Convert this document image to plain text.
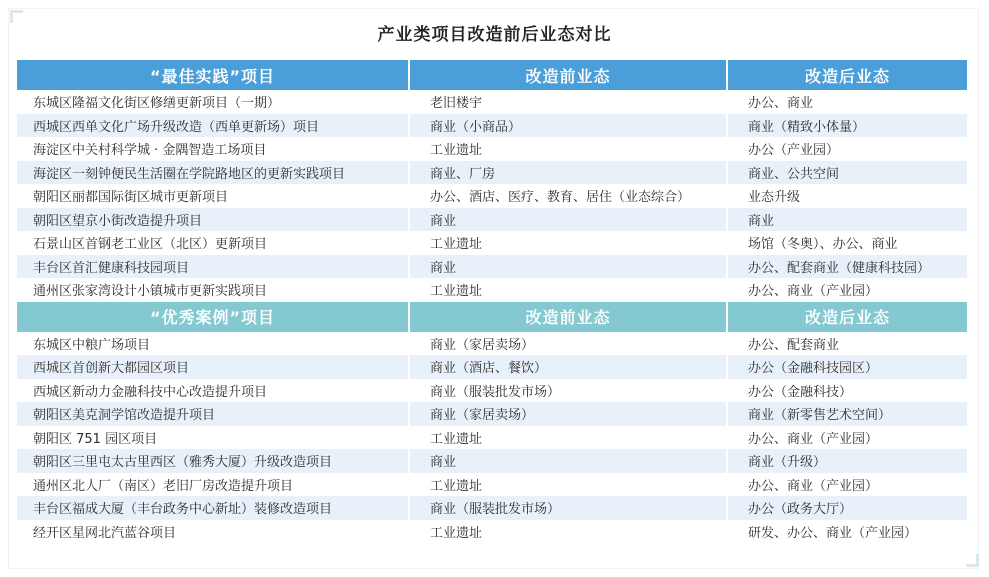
产业类项目改造前后业态对比
“最佳实践”项目	改造前业态	改造后业态
东城区隆福文化街区修缮更新项目（一期）	老旧楼宇	办公、商业
西城区西单文化广场升级改造（西单更新场）项目	商业（小商品）	商业（精致小体量）
海淀区中关村科学城 · 金隅智造工场项目	工业遗址	办公（产业园）
海淀区一刻钟便民生活圈在学院路地区的更新实践项目	商业、厂房	商业、公共空间
朝阳区丽都国际街区城市更新项目	办公、酒店、医疗、教育、居住（业态综合）	业态升级
朝阳区望京小街改造提升项目	商业	商业
石景山区首钢老工业区（北区）更新项目	工业遗址	场馆（冬奥）、办公、商业
丰台区首汇健康科技园项目	商业	办公、配套商业（健康科技园）
通州区张家湾设计小镇城市更新实践项目	工业遗址	办公、商业（产业园）
“优秀案例”项目	改造前业态	改造后业态
东城区中粮广场项目	商业（家居卖场）	办公、配套商业
西城区首创新大都园区项目	商业（酒店、餐饮）	办公（金融科技园区）
西城区新动力金融科技中心改造提升项目	商业（服装批发市场）	办公（金融科技）
朝阳区美克洞学馆改造提升项目	商业（家居卖场）	商业（新零售艺术空间）
朝阳区 751 园区项目	工业遗址	办公、商业（产业园）
朝阳区三里屯太古里西区（雅秀大厦）升级改造项目	商业	商业（升级）
通州区北人厂（南区）老旧厂房改造提升项目	工业遗址	办公、商业（产业园）
丰台区福成大厦（丰台政务中心新址）装修改造项目	商业（服装批发市场）	办公（政务大厅）
经开区星网北汽蓝谷项目	工业遗址	研发、办公、商业（产业园）
